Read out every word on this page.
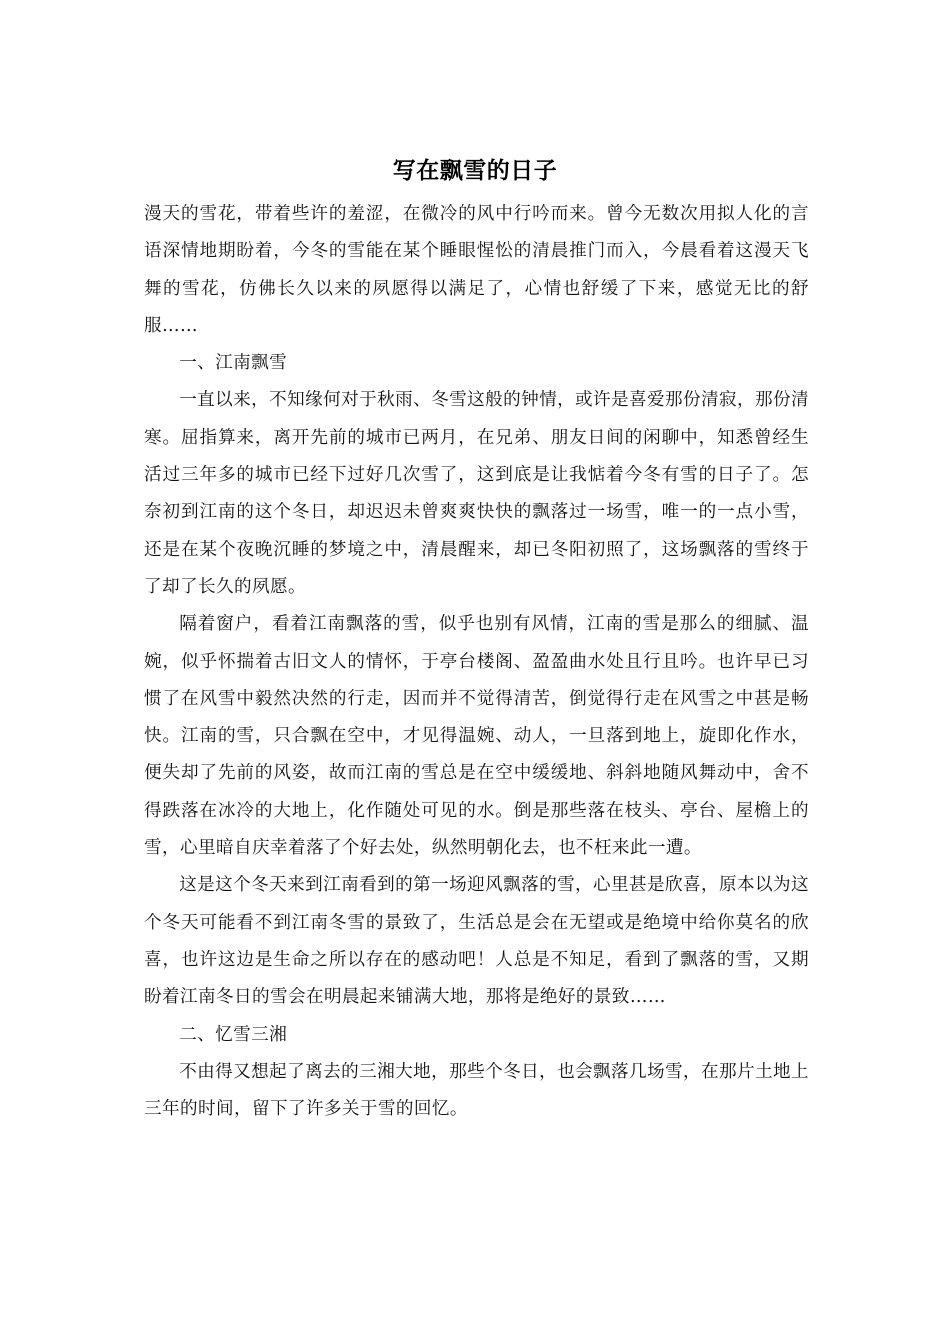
写在飘雪的日子

漫天的雪花，带着些许的羞涩，在微冷的风中行吟而来。曾今无数次用拟人化的言语深情地期盼着，今冬的雪能在某个睡眼惺忪的清晨推门而入，今晨看着这漫天飞舞的雪花，仿佛长久以来的夙愿得以满足了，心情也舒缓了下来，感觉无比的舒服……

一、江南飘雪

一直以来，不知缘何对于秋雨、冬雪这般的钟情，或许是喜爱那份清寂，那份清寒。屈指算来，离开先前的城市已两月，在兄弟、朋友日间的闲聊中，知悉曾经生活过三年多的城市已经下过好几次雪了，这到底是让我惦着今冬有雪的日子了。怎奈初到江南的这个冬日，却迟迟未曾爽爽快快的飘落过一场雪，唯一的一点小雪，还是在某个夜晚沉睡的梦境之中，清晨醒来，却已冬阳初照了，这场飘落的雪终于了却了长久的夙愿。

隔着窗户，看着江南飘落的雪，似乎也别有风情，江南的雪是那么的细腻、温婉，似乎怀揣着古旧文人的情怀，于亭台楼阁、盈盈曲水处且行且吟。也许早已习惯了在风雪中毅然决然的行走，因而并不觉得清苦，倒觉得行走在风雪之中甚是畅快。江南的雪，只合飘在空中，才见得温婉、动人，一旦落到地上，旋即化作水，便失却了先前的风姿，故而江南的雪总是在空中缓缓地、斜斜地随风舞动中，舍不得跌落在冰冷的大地上，化作随处可见的水。倒是那些落在枝头、亭台、屋檐上的雪，心里暗自庆幸着落了个好去处，纵然明朝化去，也不枉来此一遭。

这是这个冬天来到江南看到的第一场迎风飘落的雪，心里甚是欣喜，原本以为这个冬天可能看不到江南冬雪的景致了，生活总是会在无望或是绝境中给你莫名的欣喜，也许这边是生命之所以存在的感动吧！人总是不知足，看到了飘落的雪，又期盼着江南冬日的雪会在明晨起来铺满大地，那将是绝好的景致……

二、忆雪三湘

不由得又想起了离去的三湘大地，那些个冬日，也会飘落几场雪，在那片土地上三年的时间，留下了许多关于雪的回忆。
